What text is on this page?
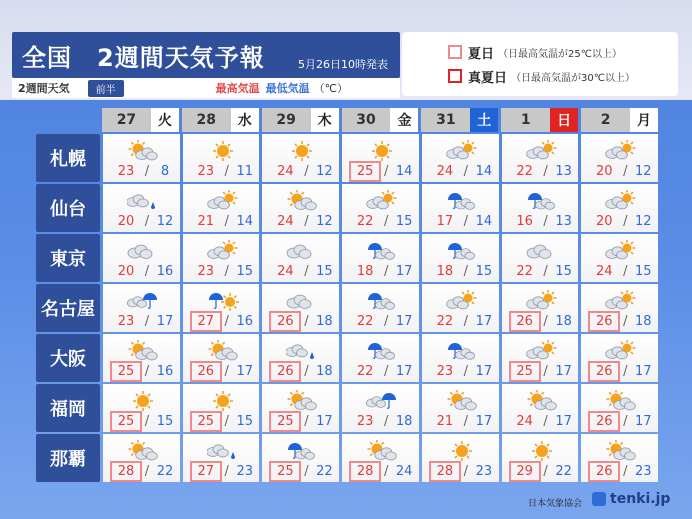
全国　2週間天気予報	5月26日10時発表
2週間天気	前半	最高気温 最低気温 （℃）
夏日 （日最高気温が25℃以上）
真夏日 （日最高気温が30℃以上）
27	火	28	水	29	木	30	金	31	土	1	日	2	月
札幌
23 / 8	23 / 11	24 / 12	25 / 14	24 / 14	22 / 13	20 / 12
仙台
20 / 12	21 / 14	24 / 12	22 / 15	17 / 14	16 / 13	20 / 12
東京
20 / 16	23 / 15	24 / 15	18 / 17	18 / 15	22 / 15	24 / 15
名古屋
23 / 17	27 / 16	26 / 18	22 / 17	22 / 17	26 / 18	26 / 18
大阪
25 / 16	26 / 17	26 / 18	22 / 17	23 / 17	25 / 17	26 / 17
福岡
25 / 15	25 / 15	25 / 17	23 / 18	21 / 17	24 / 17	26 / 17
那覇
28 / 22	27 / 23	25 / 22	28 / 24	28 / 23	29 / 22	26 / 23
日本気象協会 tenki.jp
